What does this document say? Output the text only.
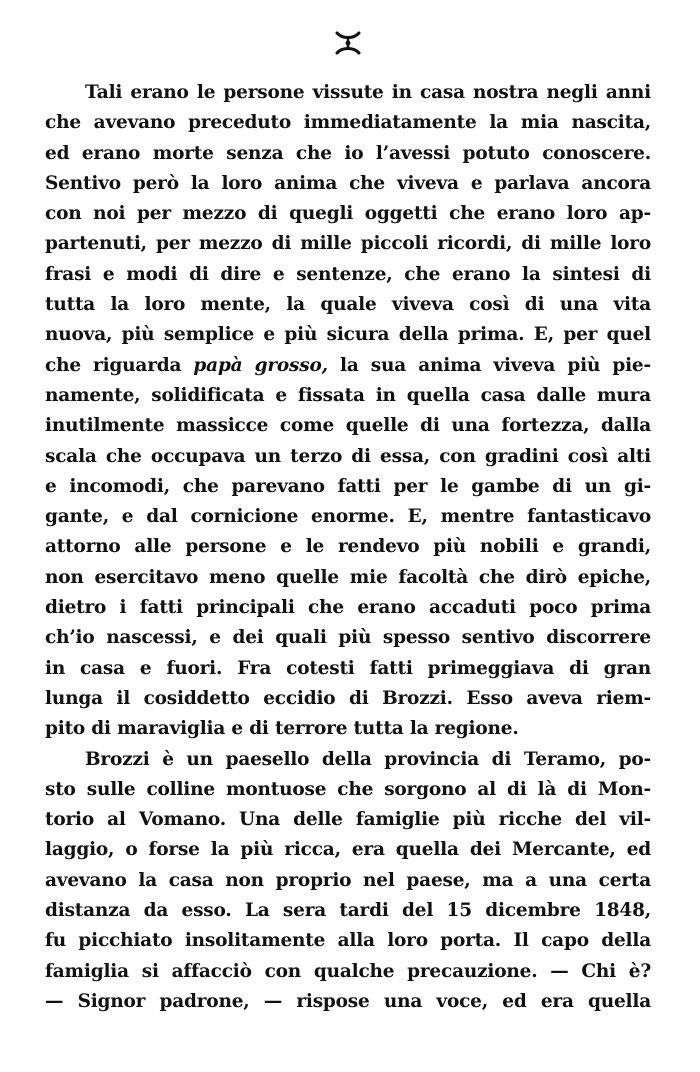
Tali erano le persone vissute in casa nostra negli anni
che avevano preceduto immediatamente la mia nascita,
ed erano morte senza che io l’avessi potuto conoscere.
Sentivo però la loro anima che viveva e parlava ancora
con noi per mezzo di quegli oggetti che erano loro ap-
partenuti, per mezzo di mille piccoli ricordi, di mille loro
frasi e modi di dire e sentenze, che erano la sintesi di
tutta la loro mente, la quale viveva così di una vita
nuova, più semplice e più sicura della prima. E, per quel
che riguarda papà grosso, la sua anima viveva più pie-
namente, solidificata e fissata in quella casa dalle mura
inutilmente massicce come quelle di una fortezza, dalla
scala che occupava un terzo di essa, con gradini così alti
e incomodi, che parevano fatti per le gambe di un gi-
gante, e dal cornicione enorme. E, mentre fantasticavo
attorno alle persone e le rendevo più nobili e grandi,
non esercitavo meno quelle mie facoltà che dirò epiche,
dietro i fatti principali che erano accaduti poco prima
ch’io nascessi, e dei quali più spesso sentivo discorrere
in casa e fuori. Fra cotesti fatti primeggiava di gran
lunga il cosiddetto eccidio di Brozzi. Esso aveva riem-
pito di maraviglia e di terrore tutta la regione.
Brozzi è un paesello della provincia di Teramo, po-
sto sulle colline montuose che sorgono al di là di Mon-
torio al Vomano. Una delle famiglie più ricche del vil-
laggio, o forse la più ricca, era quella dei Mercante, ed
avevano la casa non proprio nel paese, ma a una certa
distanza da esso. La sera tardi del 15 dicembre 1848,
fu picchiato insolitamente alla loro porta. Il capo della
famiglia si affacciò con qualche precauzione. — Chi è?
— Signor padrone, — rispose una voce, ed era quella
